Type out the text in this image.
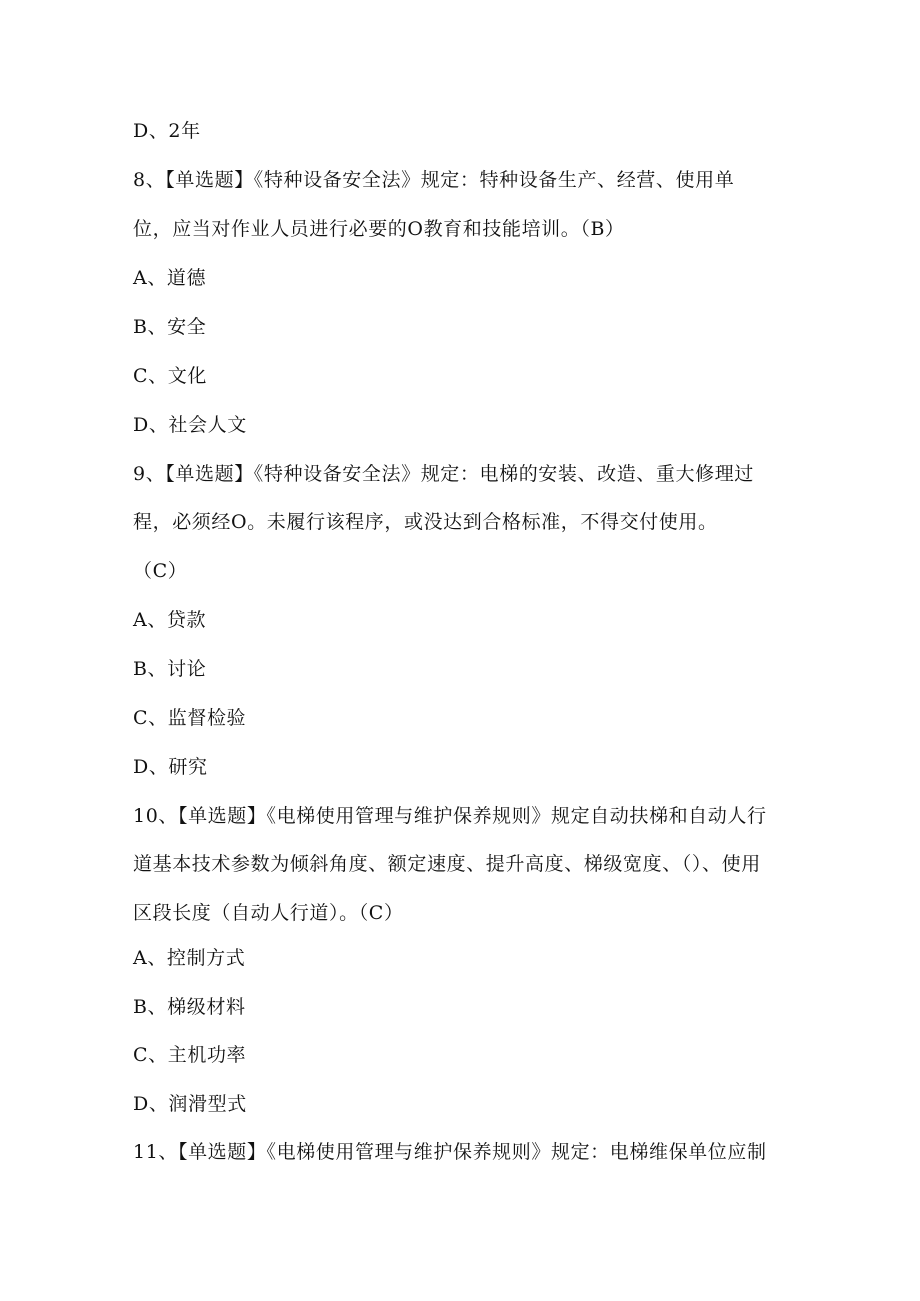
D、2年
8、【单选题】《特种设备安全法》规定：特种设备生产、经营、使用单
位，应当对作业人员进行必要的O教育和技能培训。（B）
A、道德
B、安全
C、文化
D、社会人文
9、【单选题】《特种设备安全法》规定：电梯的安装、改造、重大修理过
程，必须经O。未履行该程序，或没达到合格标准，不得交付使用。
（C）
A、贷款
B、讨论
C、监督检验
D、研究
10、【单选题】《电梯使用管理与维护保养规则》规定自动扶梯和自动人行
道基本技术参数为倾斜角度、额定速度、提升高度、梯级宽度、（）、使用
区段长度（自动人行道）。（C）
A、控制方式
B、梯级材料
C、主机功率
D、润滑型式
11、【单选题】《电梯使用管理与维护保养规则》规定：电梯维保单位应制
